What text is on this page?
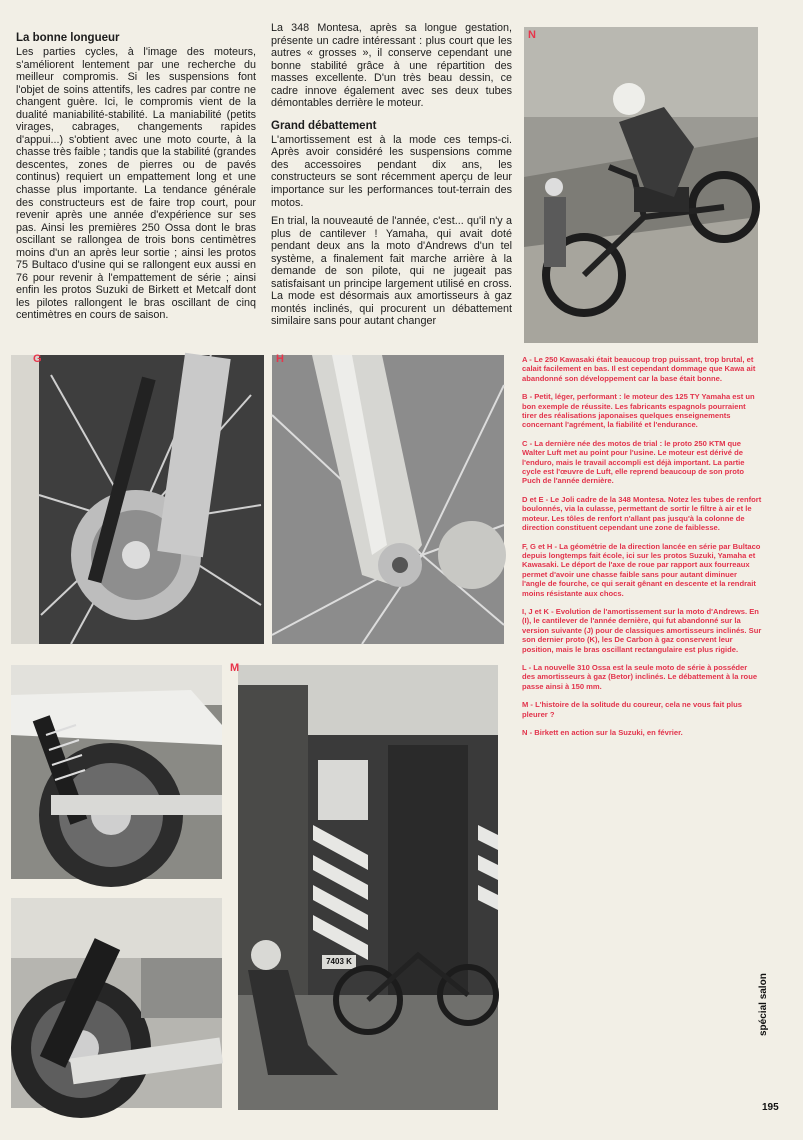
La bonne longueur

Les parties cycles, à l'image des moteurs, s'améliorent lentement par une recherche du meilleur compromis. Si les suspensions font l'objet de soins attentifs, les cadres par contre ne changent guère. Ici, le compromis vient de la dualité maniabilité-stabilité. La maniabilité (petits virages, cabrages, changements rapides d'appui...) s'obtient avec une moto courte, à la chasse très faible ; tandis que la stabilité (grandes descentes, zones de pierres ou de pavés continus) requiert un empattement long et une chasse plus importante. La tendance générale des constructeurs est de faire trop court, pour revenir après une année d'expérience sur ses pas. Ainsi les premières 250 Ossa dont le bras oscillant se rallongea de trois bons centimètres moins d'un an après leur sortie ; ainsi les protos 75 Bultaco d'usine qui se rallongent eux aussi en 76 pour revenir à l'empattement de série ; ainsi enfin les protos Suzuki de Birkett et Metcalf dont les pilotes rallongent le bras oscillant de cinq centimètres en cours de saison.

La 348 Montesa, après sa longue gestation, présente un cadre intéressant : plus court que les autres « grosses », il conserve cependant une bonne stabilité grâce à une répartition des masses excellente. D'un très beau dessin, ce cadre innove également avec ses deux tubes démontables derrière le moteur.

Grand débattement

L'amortissement est à la mode ces temps-ci. Après avoir considéré les suspensions comme des accessoires pendant dix ans, les constructeurs se sont récemment aperçu de leur importance sur les performances tout-terrain des motos.

En trial, la nouveauté de l'année, c'est... qu'il n'y a plus de cantilever ! Yamaha, qui avait doté pendant deux ans la moto d'Andrews d'un tel système, a finalement fait marche arrière à la demande de son pilote, qui ne jugeait pas satisfaisant un principe largement utilisé en cross. La mode est désormais aux amortisseurs à gaz montés inclinés, qui procurent un débattement similaire sans pour autant changer

N
G	H
7403 K
M

A - Le 250 Kawasaki était beaucoup trop puissant, trop brutal, et calait facilement en bas. Il est cependant dommage que Kawa ait abandonné son développement car la base était bonne.

B - Petit, léger, performant : le moteur des 125 TY Yamaha est un bon exemple de réussite. Les fabricants espagnols pourraient tirer des réalisations japonaises quelques enseignements concernant l'agrément, la fiabilité et l'endurance.

C - La dernière née des motos de trial : le proto 250 KTM que Walter Luft met au point pour l'usine. Le moteur est dérivé de l'enduro, mais le travail accompli est déjà important. La partie cycle est l'œuvre de Luft, elle reprend beaucoup de son proto Puch de l'année dernière.

D et E - Le Joli cadre de la 348 Montesa. Notez les tubes de renfort boulonnés, via la culasse, permettant de sortir le filtre à air et le moteur. Les tôles de renfort n'allant pas jusqu'à la colonne de direction constituent cependant une zone de faiblesse.

F, G et H - La géométrie de la direction lancée en série par Bultaco depuis longtemps fait école, ici sur les protos Suzuki, Yamaha et Kawasaki. Le déport de l'axe de roue par rapport aux fourreaux permet d'avoir une chasse faible sans pour autant diminuer l'angle de fourche, ce qui serait gênant en descente et la rendrait moins résistante aux chocs.

I, J et K - Evolution de l'amortissement sur la moto d'Andrews. En (I), le cantilever de l'année dernière, qui fut abandonné sur la version suivante (J) pour de classiques amortisseurs inclinés. Sur son dernier proto (K), les De Carbon à gaz conservent leur position, mais le bras oscillant rectangulaire est plus rigide.

L - La nouvelle 310 Ossa est la seule moto de série à posséder des amortisseurs à gaz (Betor) inclinés. Le débattement à la roue passe ainsi à 150 mm.

M - L'histoire de la solitude du coureur, cela ne vous fait plus pleurer ?

N - Birkett en action sur la Suzuki, en février.

spécial salon
195
